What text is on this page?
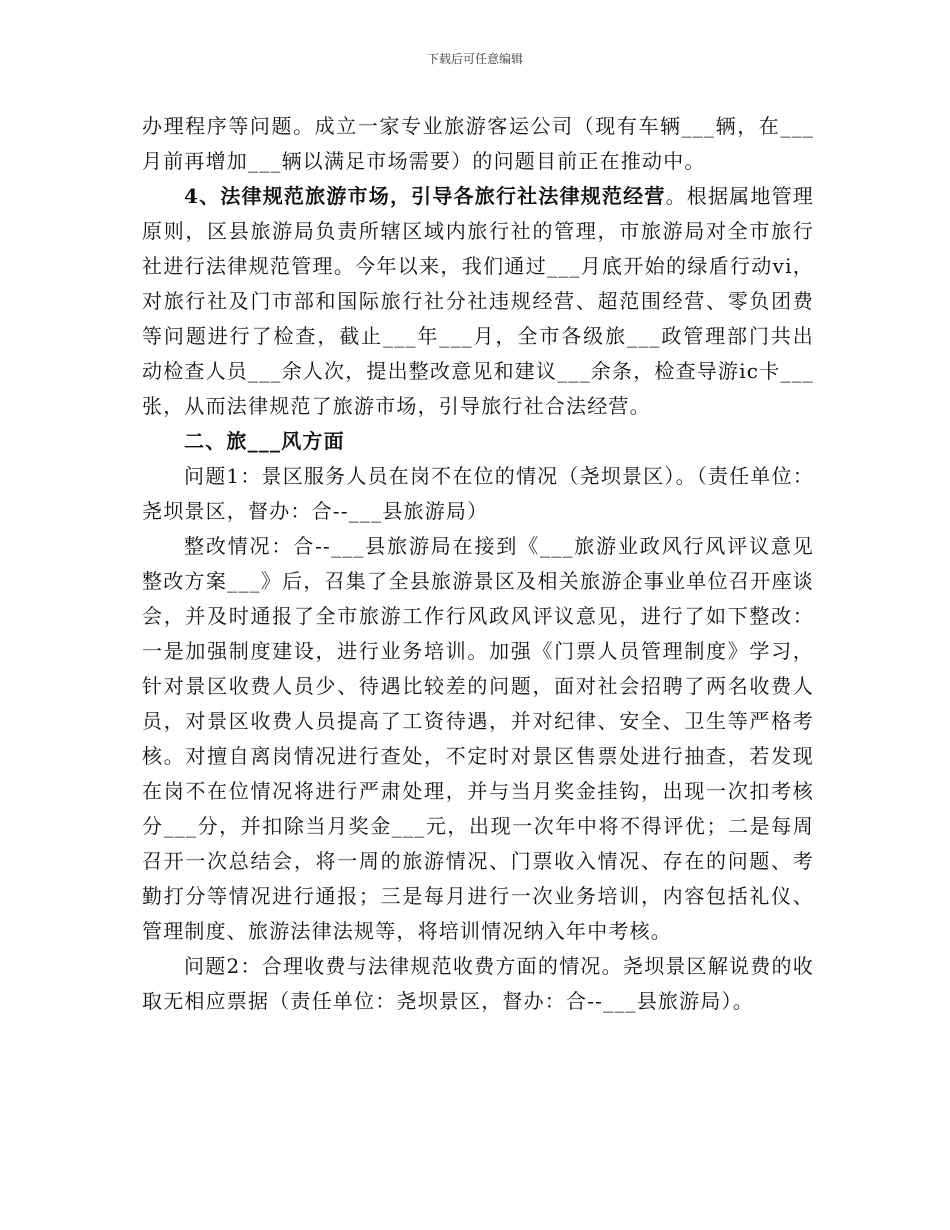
下载后可任意编辑

办理程序等问题。成立一家专业旅游客运公司（现有车辆___辆，在___月前再增加___辆以满足市场需要）的问题目前正在推动中。

4、法律规范旅游市场，引导各旅行社法律规范经营。根据属地管理原则，区县旅游局负责所辖区域内旅行社的管理，市旅游局对全市旅行社进行法律规范管理。今年以来，我们通过___月底开始的绿盾行动vi，对旅行社及门市部和国际旅行社分社违规经营、超范围经营、零负团费等问题进行了检查，截止___年___月，全市各级旅___政管理部门共出动检查人员___余人次，提出整改意见和建议___余条，检查导游ic卡___张，从而法律规范了旅游市场，引导旅行社合法经营。

二、旅___风方面

问题1：景区服务人员在岗不在位的情况（尧坝景区）。（责任单位：尧坝景区，督办：合--___县旅游局）

整改情况：合--___县旅游局在接到《___旅游业政风行风评议意见整改方案___》后，召集了全县旅游景区及相关旅游企事业单位召开座谈会，并及时通报了全市旅游工作行风政风评议意见，进行了如下整改：一是加强制度建设，进行业务培训。加强《门票人员管理制度》学习，针对景区收费人员少、待遇比较差的问题，面对社会招聘了两名收费人员，对景区收费人员提高了工资待遇，并对纪律、安全、卫生等严格考核。对擅自离岗情况进行查处，不定时对景区售票处进行抽查，若发现在岗不在位情况将进行严肃处理，并与当月奖金挂钩，出现一次扣考核分___分，并扣除当月奖金___元，出现一次年中将不得评优；二是每周召开一次总结会，将一周的旅游情况、门票收入情况、存在的问题、考勤打分等情况进行通报；三是每月进行一次业务培训，内容包括礼仪、管理制度、旅游法律法规等，将培训情况纳入年中考核。

问题2：合理收费与法律规范收费方面的情况。尧坝景区解说费的收取无相应票据（责任单位：尧坝景区，督办：合--___县旅游局）。
